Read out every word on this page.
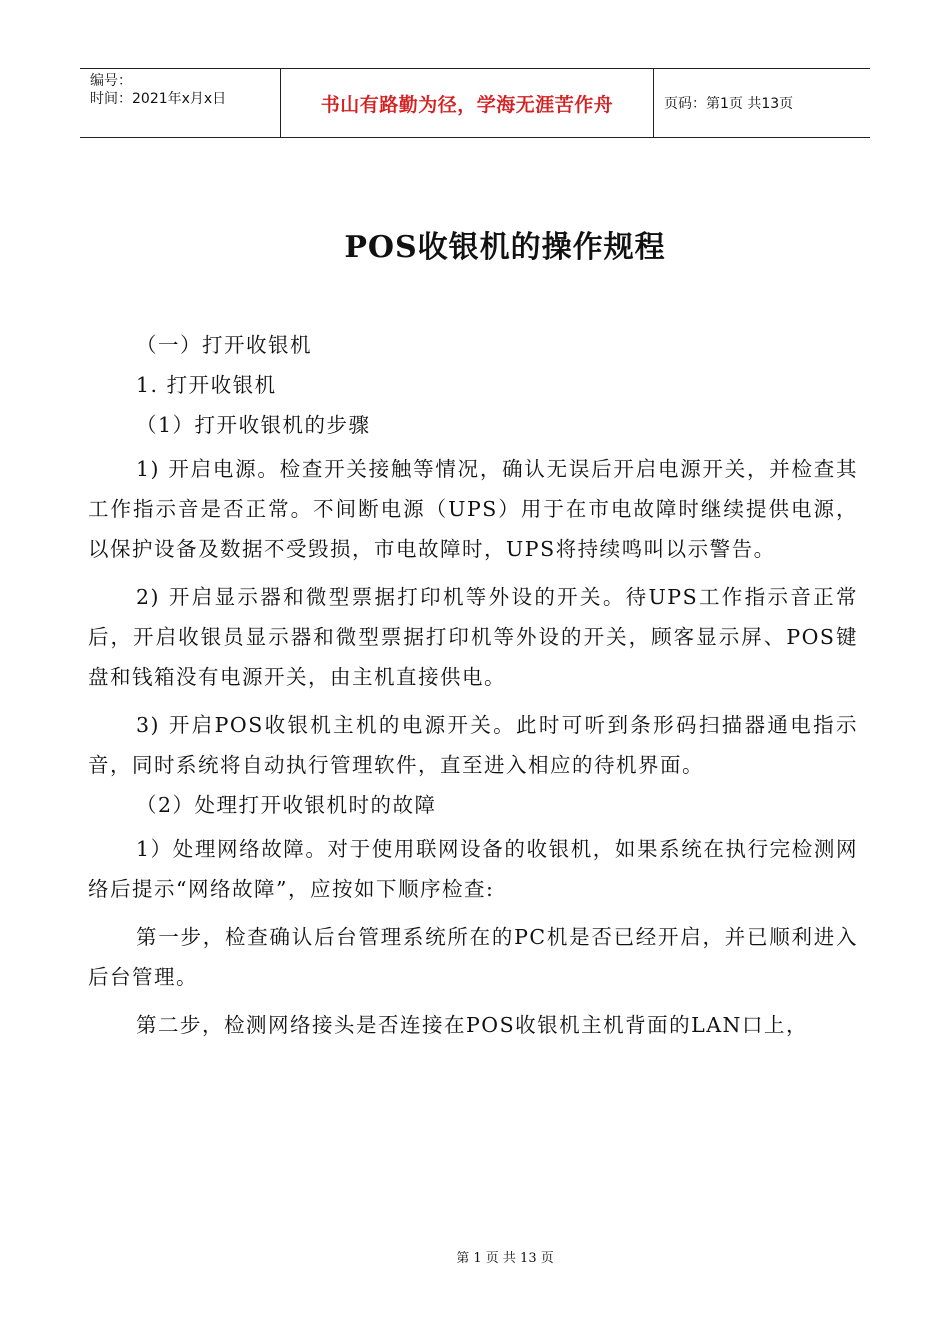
编号：
时间：2021年x月x日	书山有路勤为径，学海无涯苦作舟	页码：第1页 共13页
POS收银机的操作规程

（一）打开收银机

1. 打开收银机

（1）打开收银机的步骤

1) 开启电源。检查开关接触等情况，确认无误后开启电源开关，并检查其工作指示音是否正常。不间断电源（UPS）用于在市电故障时继续提供电源，以保护设备及数据不受毁损，市电故障时，UPS将持续鸣叫以示警告。

2) 开启显示器和微型票据打印机等外设的开关。待UPS工作指示音正常后，开启收银员显示器和微型票据打印机等外设的开关，顾客显示屏、POS键盘和钱箱没有电源开关，由主机直接供电。

3) 开启POS收银机主机的电源开关。此时可听到条形码扫描器通电指示音，同时系统将自动执行管理软件，直至进入相应的待机界面。

（2）处理打开收银机时的故障

1）处理网络故障。对于使用联网设备的收银机，如果系统在执行完检测网络后提示“网络故障”，应按如下顺序检查:

第一步，检查确认后台管理系统所在的PC机是否已经开启，并已顺利进入后台管理。

第二步，检测网络接头是否连接在POS收银机主机背面的LAN口上，

第 1 页 共 13 页
